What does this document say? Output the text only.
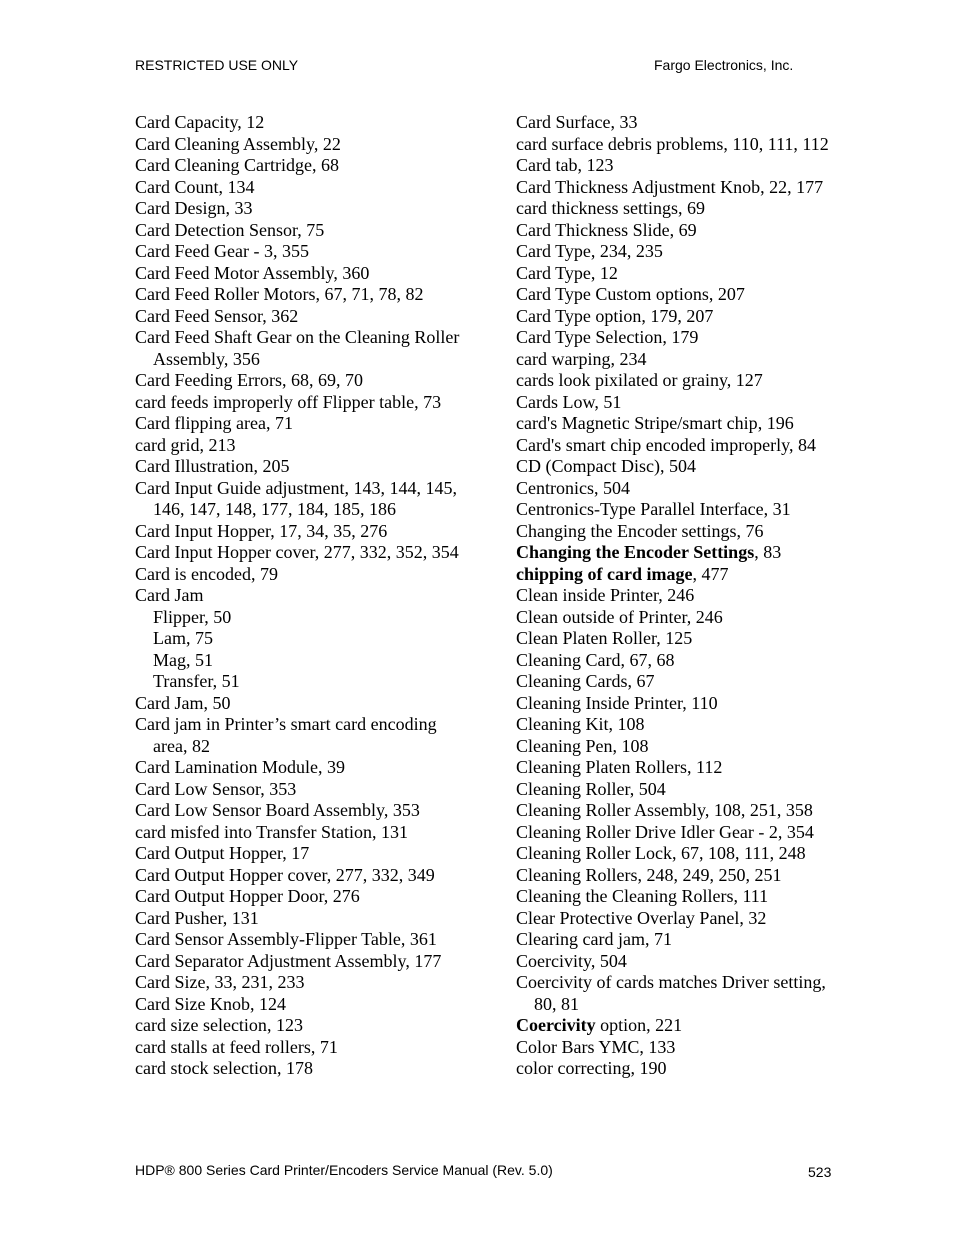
RESTRICTED USE ONLY	Fargo Electronics, Inc.
Card Capacity, 12
Card Cleaning Assembly, 22
Card Cleaning Cartridge, 68
Card Count, 134
Card Design, 33
Card Detection Sensor, 75
Card Feed Gear - 3, 355
Card Feed Motor Assembly, 360
Card Feed Roller Motors, 67, 71, 78, 82
Card Feed Sensor, 362
Card Feed Shaft Gear on the Cleaning Roller Assembly, 356
Card Feeding Errors, 68, 69, 70
card feeds improperly off Flipper table, 73
Card flipping area, 71
card grid, 213
Card Illustration, 205
Card Input Guide adjustment, 143, 144, 145, 146, 147, 148, 177, 184, 185, 186
Card Input Hopper, 17, 34, 35, 276
Card Input Hopper cover, 277, 332, 352, 354
Card is encoded, 79
Card Jam
Flipper, 50
Lam, 75
Mag, 51
Transfer, 51
Card Jam, 50
Card jam in Printer’s smart card encoding area, 82
Card Lamination Module, 39
Card Low Sensor, 353
Card Low Sensor Board Assembly, 353
card misfed into Transfer Station, 131
Card Output Hopper, 17
Card Output Hopper cover, 277, 332, 349
Card Output Hopper Door, 276
Card Pusher, 131
Card Sensor Assembly-Flipper Table, 361
Card Separator Adjustment Assembly, 177
Card Size, 33, 231, 233
Card Size Knob, 124
card size selection, 123
card stalls at feed rollers, 71
card stock selection, 178
Card Surface, 33
card surface debris problems, 110, 111, 112
Card tab, 123
Card Thickness Adjustment Knob, 22, 177
card thickness settings, 69
Card Thickness Slide, 69
Card Type, 234, 235
Card Type, 12
Card Type Custom options, 207
Card Type option, 179, 207
Card Type Selection, 179
card warping, 234
cards look pixilated or grainy, 127
Cards Low, 51
card's Magnetic Stripe/smart chip, 196
Card's smart chip encoded improperly, 84
CD (Compact Disc), 504
Centronics, 504
Centronics-Type Parallel Interface, 31
Changing the Encoder settings, 76
Changing the Encoder Settings, 83
chipping of card image, 477
Clean inside Printer, 246
Clean outside of Printer, 246
Clean Platen Roller, 125
Cleaning Card, 67, 68
Cleaning Cards, 67
Cleaning Inside Printer, 110
Cleaning Kit, 108
Cleaning Pen, 108
Cleaning Platen Rollers, 112
Cleaning Roller, 504
Cleaning Roller Assembly, 108, 251, 358
Cleaning Roller Drive Idler Gear - 2, 354
Cleaning Roller Lock, 67, 108, 111, 248
Cleaning Rollers, 248, 249, 250, 251
Cleaning the Cleaning Rollers, 111
Clear Protective Overlay Panel, 32
Clearing card jam, 71
Coercivity, 504
Coercivity of cards matches Driver setting, 80, 81
Coercivity option, 221
Color Bars YMC, 133
color correcting, 190
HDP® 800 Series Card Printer/Encoders Service Manual (Rev. 5.0)	523
